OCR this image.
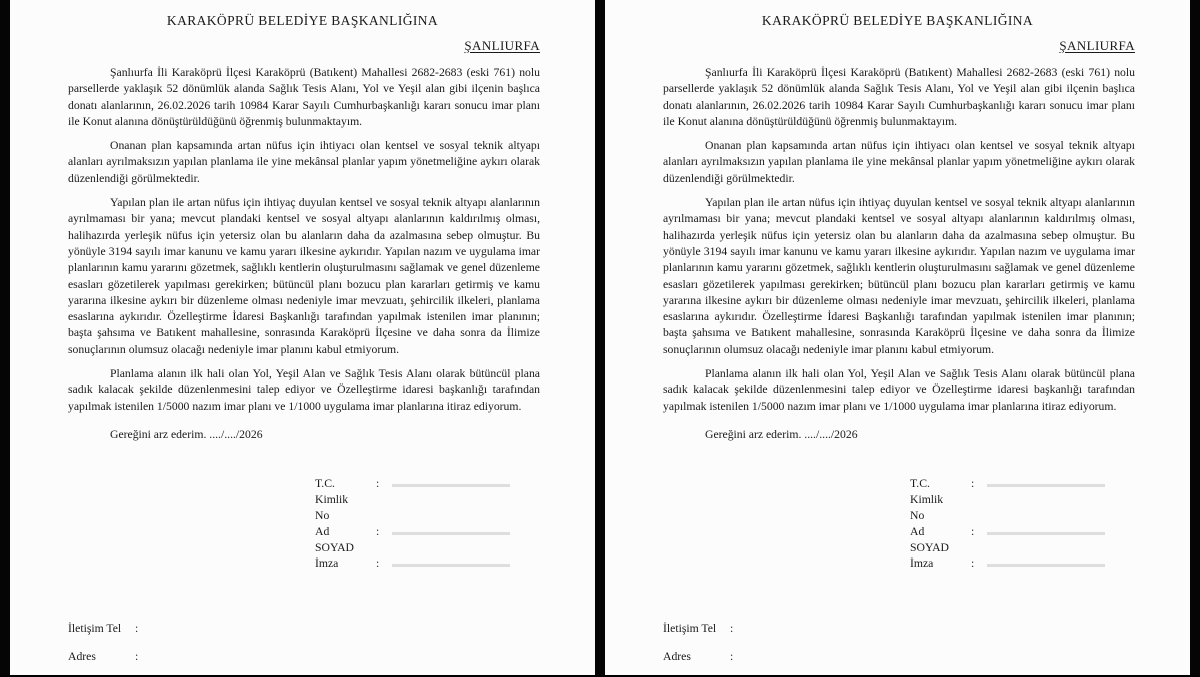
KARAKÖPRÜ BELEDİYE BAŞKANLIĞINA
ŞANLIURFA

Şanlıurfa İli Karaköprü İlçesi Karaköprü (Batıkent) Mahallesi 2682-2683 (eski 761) nolu parsellerde yaklaşık 52 dönümlük alanda Sağlık Tesis Alanı, Yol ve Yeşil alan gibi ilçenin başlıca donatı alanlarının, 26.02.2026 tarih 10984 Karar Sayılı Cumhurbaşkanlığı kararı sonucu imar planı ile Konut alanına dönüştürüldüğünü öğrenmiş bulunmaktayım.

Onanan plan kapsamında artan nüfus için ihtiyacı olan kentsel ve sosyal teknik altyapı alanları ayrılmaksızın yapılan planlama ile yine mekânsal planlar yapım yönetmeliğine aykırı olarak düzenlendiği görülmektedir.

Yapılan plan ile artan nüfus için ihtiyaç duyulan kentsel ve sosyal teknik altyapı alanlarının ayrılmaması bir yana; mevcut plandaki kentsel ve sosyal altyapı alanlarının kaldırılmış olması, halihazırda yerleşik nüfus için yetersiz olan bu alanların daha da azalmasına sebep olmuştur. Bu yönüyle 3194 sayılı imar kanunu ve kamu yararı ilkesine aykırıdır. Yapılan nazım ve uygulama imar planlarının kamu yararını gözetmek, sağlıklı kentlerin oluşturulmasını sağlamak ve genel düzenleme esasları gözetilerek yapılması gerekirken; bütüncül planı bozucu plan kararları getirmiş ve kamu yararına ilkesine aykırı bir düzenleme olması nedeniyle imar mevzuatı, şehircilik ilkeleri, planlama esaslarına aykırıdır. Özelleştirme İdaresi Başkanlığı tarafından yapılmak istenilen imar planının; başta şahsıma ve Batıkent mahallesine, sonrasında Karaköprü İlçesine ve daha sonra da İlimize sonuçlarının olumsuz olacağı nedeniyle imar planını kabul etmiyorum.

Planlama alanın ilk hali olan Yol, Yeşil Alan ve Sağlık Tesis Alanı olarak bütüncül plana sadık kalacak şekilde düzenlenmesini talep ediyor ve Özelleştirme idaresi başkanlığı tarafından yapılmak istenilen 1/5000 nazım imar planı ve 1/1000 uygulama imar planlarına itiraz ediyorum.

Gereğini arz ederim. ..../..../2026
T.C.	:
Kimlik
No
Ad	:
SOYAD
İmza	:
İletişim Tel	:
Adres	:
KARAKÖPRÜ BELEDİYE BAŞKANLIĞINA
ŞANLIURFA

Şanlıurfa İli Karaköprü İlçesi Karaköprü (Batıkent) Mahallesi 2682-2683 (eski 761) nolu parsellerde yaklaşık 52 dönümlük alanda Sağlık Tesis Alanı, Yol ve Yeşil alan gibi ilçenin başlıca donatı alanlarının, 26.02.2026 tarih 10984 Karar Sayılı Cumhurbaşkanlığı kararı sonucu imar planı ile Konut alanına dönüştürüldüğünü öğrenmiş bulunmaktayım.

Onanan plan kapsamında artan nüfus için ihtiyacı olan kentsel ve sosyal teknik altyapı alanları ayrılmaksızın yapılan planlama ile yine mekânsal planlar yapım yönetmeliğine aykırı olarak düzenlendiği görülmektedir.

Yapılan plan ile artan nüfus için ihtiyaç duyulan kentsel ve sosyal teknik altyapı alanlarının ayrılmaması bir yana; mevcut plandaki kentsel ve sosyal altyapı alanlarının kaldırılmış olması, halihazırda yerleşik nüfus için yetersiz olan bu alanların daha da azalmasına sebep olmuştur. Bu yönüyle 3194 sayılı imar kanunu ve kamu yararı ilkesine aykırıdır. Yapılan nazım ve uygulama imar planlarının kamu yararını gözetmek, sağlıklı kentlerin oluşturulmasını sağlamak ve genel düzenleme esasları gözetilerek yapılması gerekirken; bütüncül planı bozucu plan kararları getirmiş ve kamu yararına ilkesine aykırı bir düzenleme olması nedeniyle imar mevzuatı, şehircilik ilkeleri, planlama esaslarına aykırıdır. Özelleştirme İdaresi Başkanlığı tarafından yapılmak istenilen imar planının; başta şahsıma ve Batıkent mahallesine, sonrasında Karaköprü İlçesine ve daha sonra da İlimize sonuçlarının olumsuz olacağı nedeniyle imar planını kabul etmiyorum.

Planlama alanın ilk hali olan Yol, Yeşil Alan ve Sağlık Tesis Alanı olarak bütüncül plana sadık kalacak şekilde düzenlenmesini talep ediyor ve Özelleştirme idaresi başkanlığı tarafından yapılmak istenilen 1/5000 nazım imar planı ve 1/1000 uygulama imar planlarına itiraz ediyorum.

Gereğini arz ederim. ..../..../2026
T.C.	:
Kimlik
No
Ad	:
SOYAD
İmza	:
İletişim Tel	:
Adres	:
